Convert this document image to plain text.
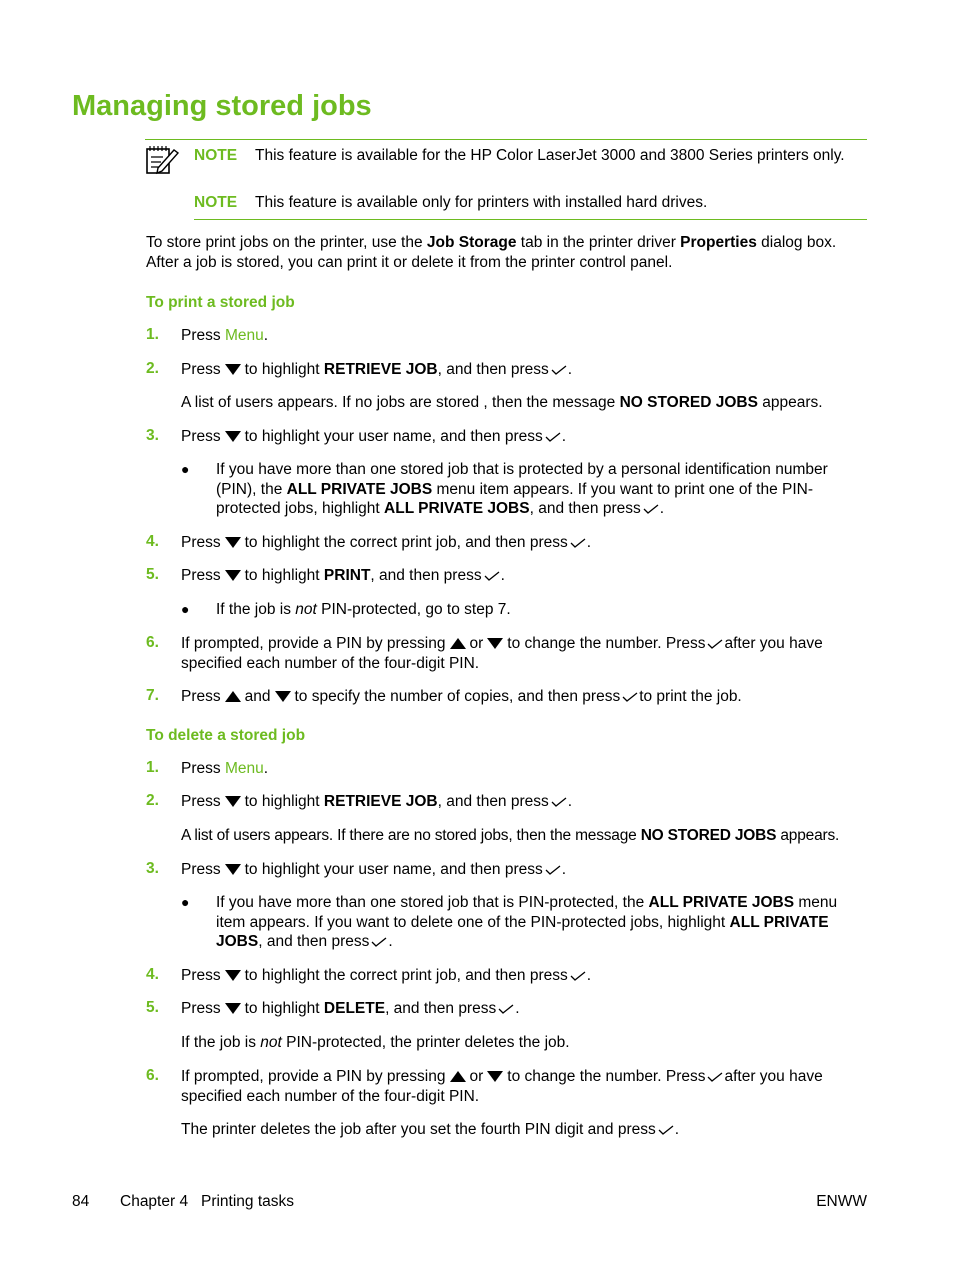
Managing stored jobs
NOTE This feature is available for the HP Color LaserJet 3000 and 3800 Series printers only.
NOTE This feature is available only for printers with installed hard drives.
To store print jobs on the printer, use the Job Storage tab in the printer driver Properties dialog box. After a job is stored, you can print it or delete it from the printer control panel.
To print a stored job
1. Press Menu.
2. Press to highlight RETRIEVE JOB, and then press .
A list of users appears. If no jobs are stored , then the message NO STORED JOBS appears.
3. Press to highlight your user name, and then press .
● If you have more than one stored job that is protected by a personal identification number (PIN), the ALL PRIVATE JOBS menu item appears. If you want to print one of the PIN-protected jobs, highlight ALL PRIVATE JOBS, and then press .
4. Press to highlight the correct print job, and then press .
5. Press to highlight PRINT, and then press .
● If the job is not PIN-protected, go to step 7.
6. If prompted, provide a PIN by pressing or to change the number. Press after you have specified each number of the four-digit PIN.
7. Press and to specify the number of copies, and then press to print the job.
To delete a stored job
1. Press Menu.
2. Press to highlight RETRIEVE JOB, and then press .
A list of users appears. If there are no stored jobs, then the message NO STORED JOBS appears.
3. Press to highlight your user name, and then press .
● If you have more than one stored job that is PIN-protected, the ALL PRIVATE JOBS menu item appears. If you want to delete one of the PIN-protected jobs, highlight ALL PRIVATE JOBS, and then press .
4. Press to highlight the correct print job, and then press .
5. Press to highlight DELETE, and then press .
If the job is not PIN-protected, the printer deletes the job.
6. If prompted, provide a PIN by pressing or to change the number. Press after you have specified each number of the four-digit PIN.
The printer deletes the job after you set the fourth PIN digit and press .
84 Chapter 4   Printing tasks	ENWW
